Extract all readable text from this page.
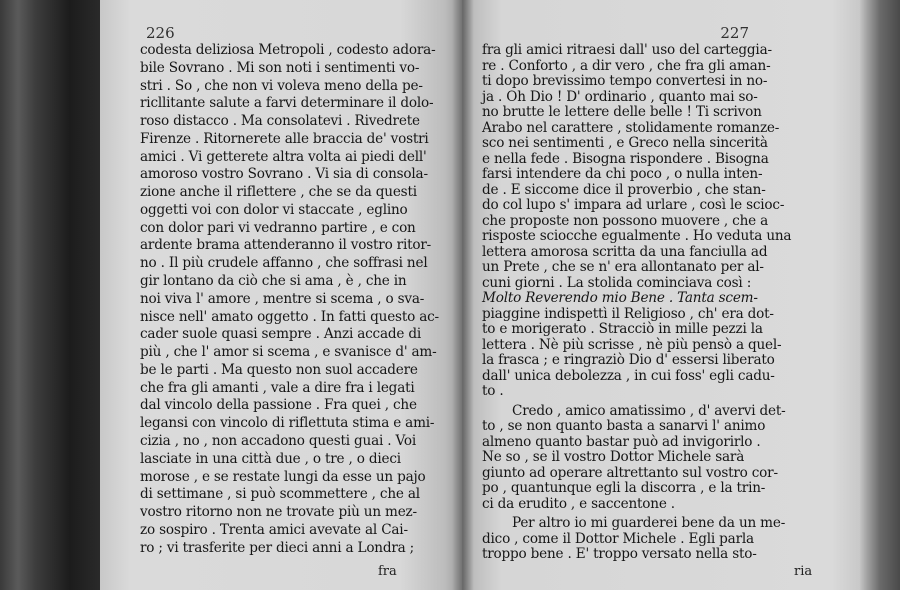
226
codesta deliziosa Metropoli , codesto adora-
bile Sovrano . Mi son noti i sentimenti vo-
stri . So , che non vi voleva meno della pe-
ricllitante salute a farvi determinare il dolo-
roso distacco . Ma consolatevi . Rivedrete
Firenze . Ritornerete alle braccia de' vostri
amici . Vi getterete altra volta ai piedi dell'
amoroso vostro Sovrano . Vi sia di consola-
zione anche il riflettere , che se da questi
oggetti voi con dolor vi staccate , eglino
con dolor pari vi vedranno partire , e con
ardente brama attenderanno il vostro ritor-
no . Il più crudele affanno , che soffrasi nel
gir lontano da ciò che si ama , è , che in
noi viva l' amore , mentre si scema , o sva-
nisce nell' amato oggetto . In fatti questo ac-
cader suole quasi sempre . Anzi accade di
più , che l' amor si scema , e svanisce d' am-
be le parti . Ma questo non suol accadere
che fra gli amanti , vale a dire fra i legati
dal vincolo della passione . Fra quei , che
legansi con vincolo di riflettuta stima e ami-
cizia , no , non accadono questi guai . Voi
lasciate in una città due , o tre , o dieci
morose , e se restate lungi da esse un pajo
di settimane , si può scommettere , che al
vostro ritorno non ne trovate più un mez-
zo sospiro . Trenta amici avevate al Cai-
ro ; vi trasferite per dieci anni a Londra ;
fra
227
fra gli amici ritraesi dall' uso del carteggia-
re . Conforto , a dir vero , che fra gli aman-
ti dopo brevissimo tempo convertesi in no-
ja . Oh Dio ! D' ordinario , quanto mai so-
no brutte le lettere delle belle ! Ti scrivon
Arabo nel carattere , stolidamente romanze-
sco nei sentimenti , e Greco nella sincerità
e nella fede . Bisogna rispondere . Bisogna
farsi intendere da chi poco , o nulla inten-
de . E siccome dice il proverbio , che stan-
do col lupo s' impara ad urlare , così le scioc-
che proposte non possono muovere , che a
risposte sciocche egualmente . Ho veduta una
lettera amorosa scritta da una fanciulla ad
un Prete , che se n' era allontanato per al-
cuni giorni . La stolida cominciava così :
Molto Reverendo mio Bene . Tanta scem-
piaggine indispettì il Religioso , ch' era dot-
to e morigerato . Stracciò in mille pezzi la
lettera . Nè più scrisse , nè più pensò a quel-
la frasca ; e ringraziò Dio d' essersi liberato
dall' unica debolezza , in cui foss' egli cadu-
to .
Credo , amico amatissimo , d' avervi det-
to , se non quanto basta a sanarvi l' animo
almeno quanto bastar può ad invigorirlo .
Ne so , se il vostro Dottor Michele sarà
giunto ad operare altrettanto sul vostro cor-
po , quantunque egli la discorra , e la trin-
ci da erudito , e saccentone .
Per altro io mi guarderei bene da un me-
dico , come il Dottor Michele . Egli parla
troppo bene . E' troppo versato nella sto-
ria
